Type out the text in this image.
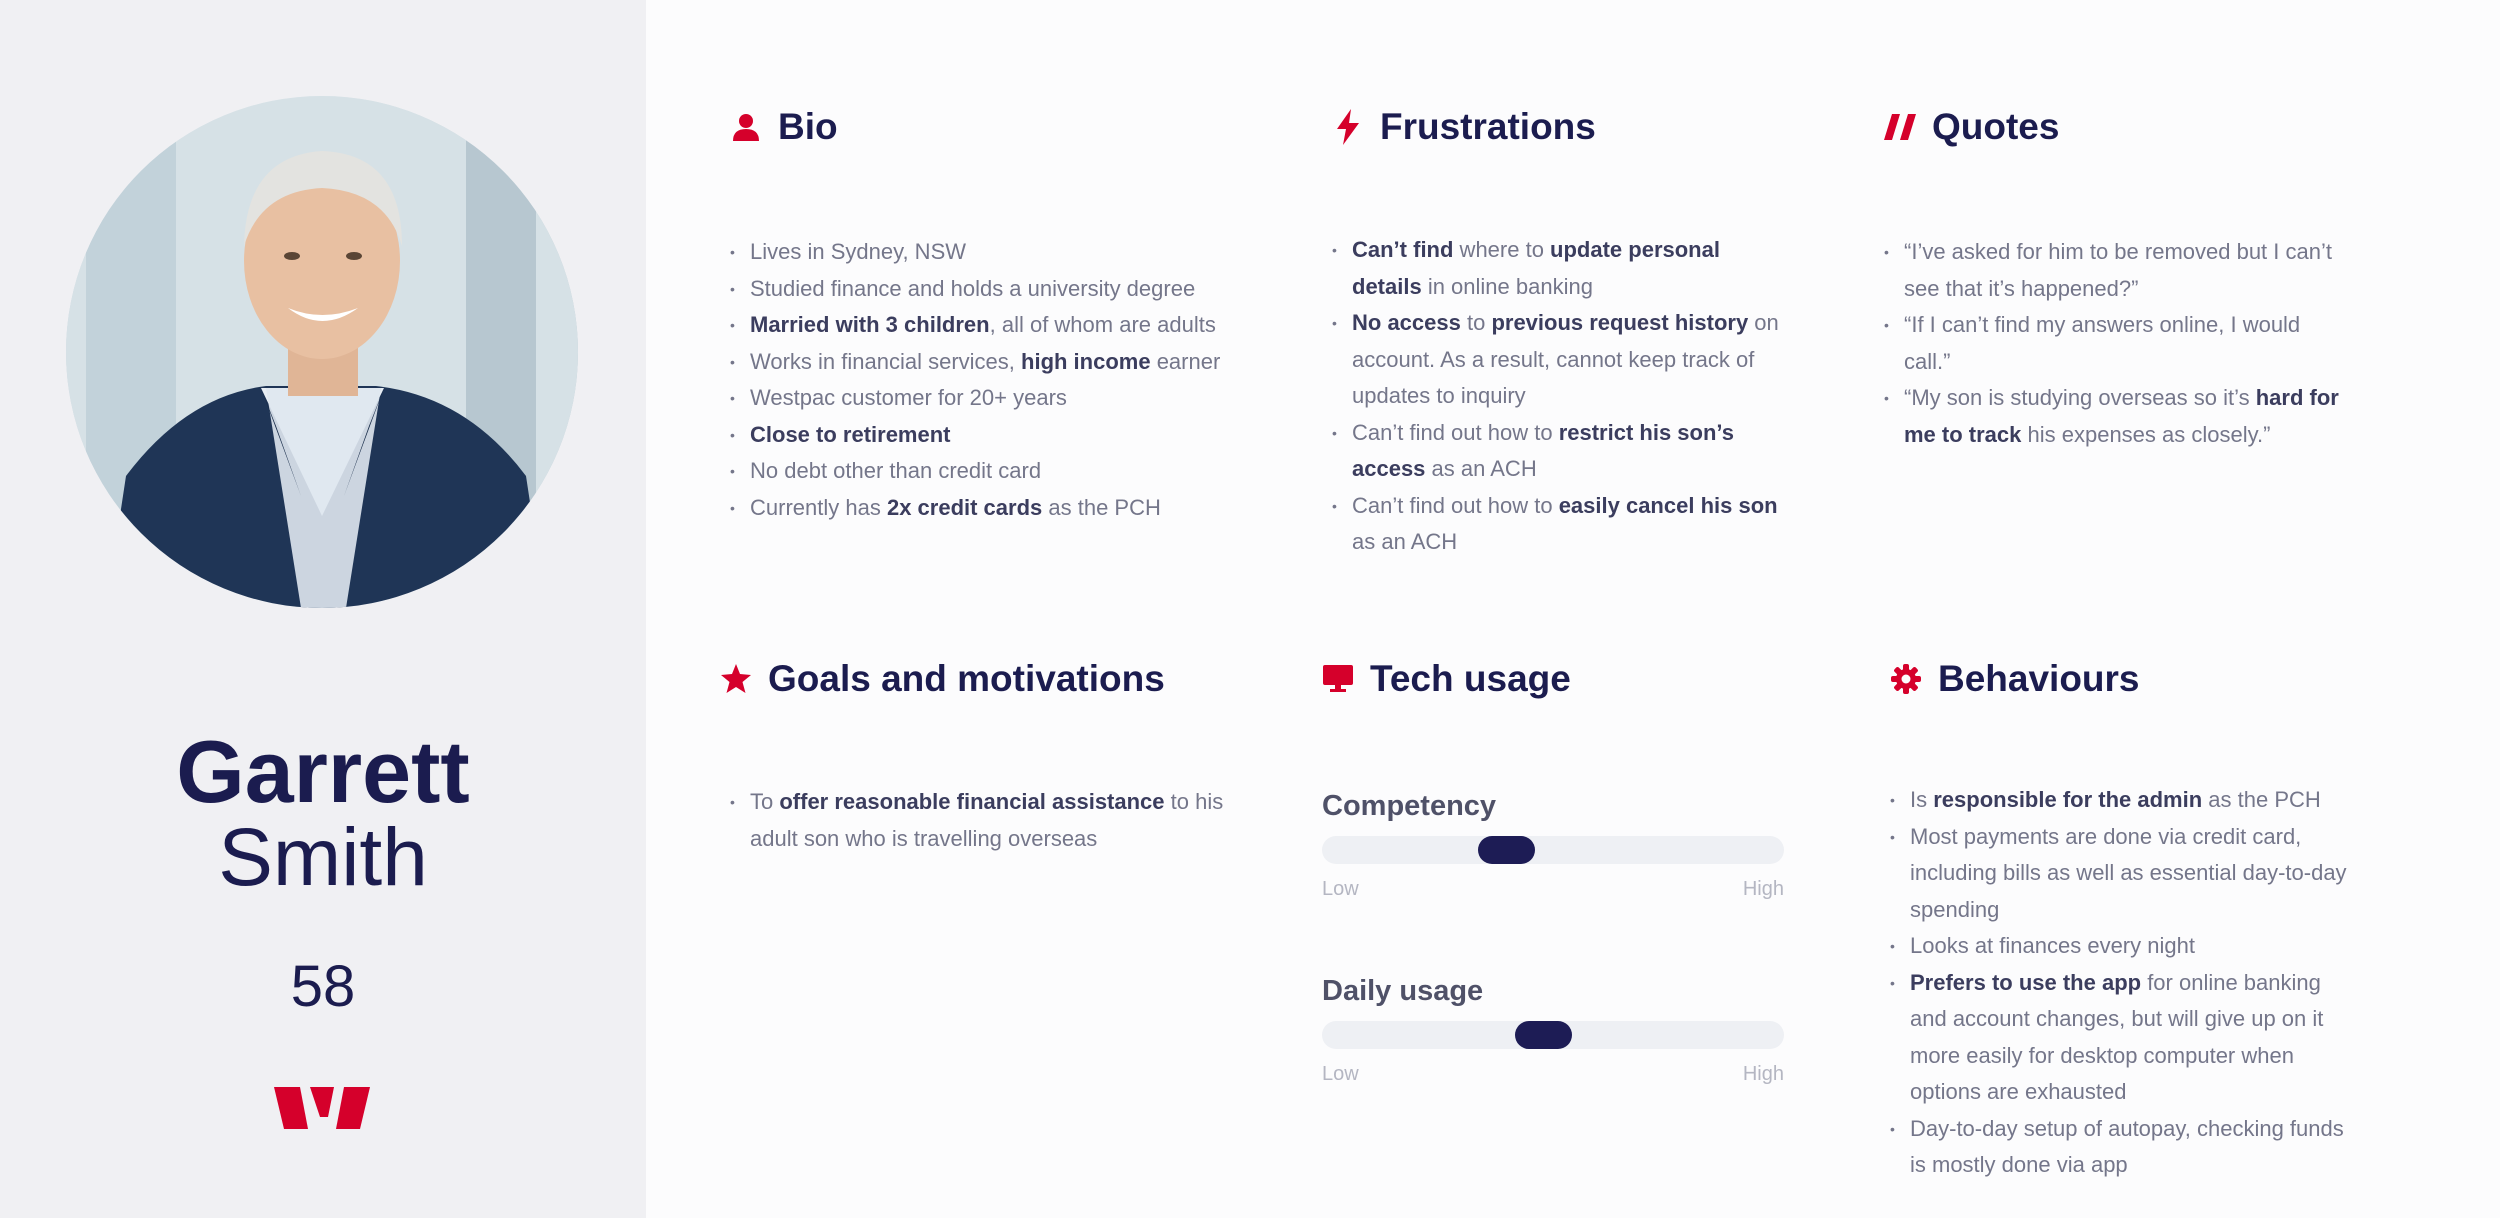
Garrett
Smith
58
Bio
• Lives in Sydney, NSW
• Studied finance and holds a university degree
• Married with 3 children, all of whom are adults
• Works in financial services, high income earner
• Westpac customer for 20+ years
• Close to retirement
• No debt other than credit card
• Currently has 2x credit cards as the PCH
Frustrations
• Can’t find where to update personal details in online banking
• No access to previous request history on account. As a result, cannot keep track of updates to inquiry
• Can’t find out how to restrict his son’s access as an ACH
• Can’t find out how to easily cancel his son as an ACH
Quotes
• “I’ve asked for him to be removed but I can’t see that it’s happened?”
• “If I can’t find my answers online, I would call.”
• “My son is studying overseas so it’s hard for me to track his expenses as closely.”
Goals and motivations
• To offer reasonable financial assistance to his adult son who is travelling overseas
Tech usage
Competency
Low	High
Daily usage
Low	High
Behaviours
• Is responsible for the admin as the PCH
• Most payments are done via credit card, including bills as well as essential day-to-day spending
• Looks at finances every night
• Prefers to use the app for online banking and account changes, but will give up on it more easily for desktop computer when options are exhausted
• Day-to-day setup of autopay, checking funds is mostly done via app
